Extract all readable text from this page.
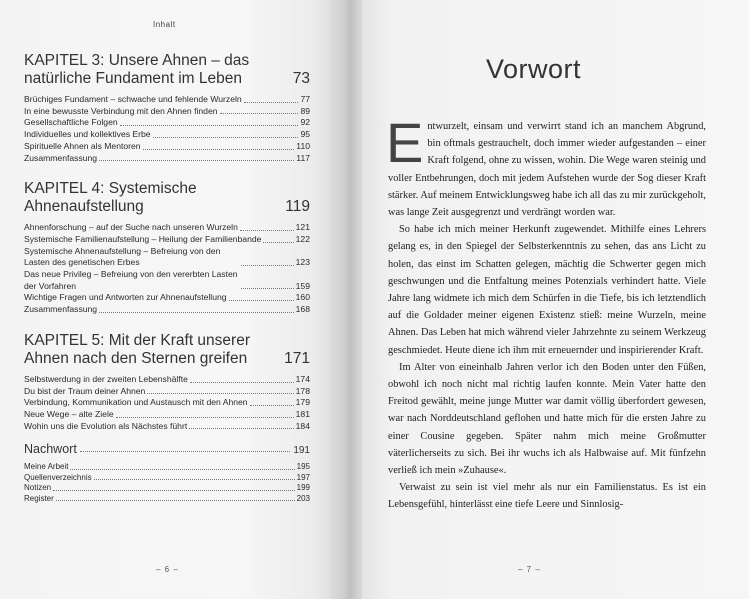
Inhalt
KAPITEL 3: Unsere Ahnen – das natürliche Fundament im Leben	73
Brüchiges Fundament – schwache und fehlende Wurzeln	77
In eine bewusste Verbindung mit den Ahnen finden	89
Gesellschaftliche Folgen	92
Individuelles und kollektives Erbe	95
Spirituelle Ahnen als Mentoren	110
Zusammenfassung	117
KAPITEL 4: Systemische Ahnenaufstellung	119
Ahnenforschung – auf der Suche nach unseren Wurzeln	121
Systemische Familienaufstellung – Heilung der Familienbande	122
Systemische Ahnenaufstellung – Befreiung von den Lasten des genetischen Erbes	123
Das neue Privileg – Befreiung von den vererbten Lasten der Vorfahren	159
Wichtige Fragen und Antworten zur Ahnenaufstellung	160
Zusammenfassung	168
KAPITEL 5: Mit der Kraft unserer Ahnen nach den Sternen greifen	171
Selbstwerdung in der zweiten Lebenshälfte	174
Du bist der Traum deiner Ahnen	178
Verbindung, Kommunikation und Austausch mit den Ahnen	179
Neue Wege – alte Ziele	181
Wohin uns die Evolution als Nächstes führt	184
Nachwort	191
Meine Arbeit	195
Quellenverzeichnis	197
Notizen	199
Register	203
– 6 –
Vorwort

Entwurzelt, einsam und verwirrt stand ich an manchem Abgrund, bin oftmals gestrauchelt, doch immer wieder aufgestanden – einer Kraft folgend, ohne zu wissen, wohin. Die Wege waren steinig und voller Entbehrungen, doch mit jedem Aufstehen wurde der Sog dieser Kraft stärker. Auf meinem Entwicklungsweg habe ich all das zu mir zurückgeholt, was lange Zeit ausgegrenzt und verdrängt worden war.

So habe ich mich meiner Herkunft zugewendet. Mithilfe eines Lehrers gelang es, in den Spiegel der Selbsterkenntnis zu sehen, das ans Licht zu holen, das einst im Schatten gelegen, mächtig die Schwerter gegen mich geschwungen und die Entfaltung meines Potenzials verhindert hatte. Viele Jahre lang widmete ich mich dem Schürfen in die Tiefe, bis ich letztendlich auf die Goldader meiner eigenen Existenz stieß: meine Wurzeln, meine Ahnen. Das Leben hat mich während vieler Jahrzehnte zu seinem Werkzeug geschmiedet. Heute diene ich ihm mit erneuernder und inspirierender Kraft.

Im Alter von eineinhalb Jahren verlor ich den Boden unter den Füßen, obwohl ich noch nicht mal richtig laufen konnte. Mein Vater hatte den Freitod gewählt, meine junge Mutter war damit völlig überfordert gewesen, war nach Norddeutschland geflohen und hatte mich für die ersten Jahre zu einer Cousine gegeben. Später nahm mich meine Großmutter väterlicherseits zu sich. Bei ihr wuchs ich als Halbwaise auf. Mit fünfzehn verließ ich mein »Zuhause«.

Verwaist zu sein ist viel mehr als nur ein Familienstatus. Es ist ein Lebensgefühl, hinterlässt eine tiefe Leere und Sinnlosig-

– 7 –
